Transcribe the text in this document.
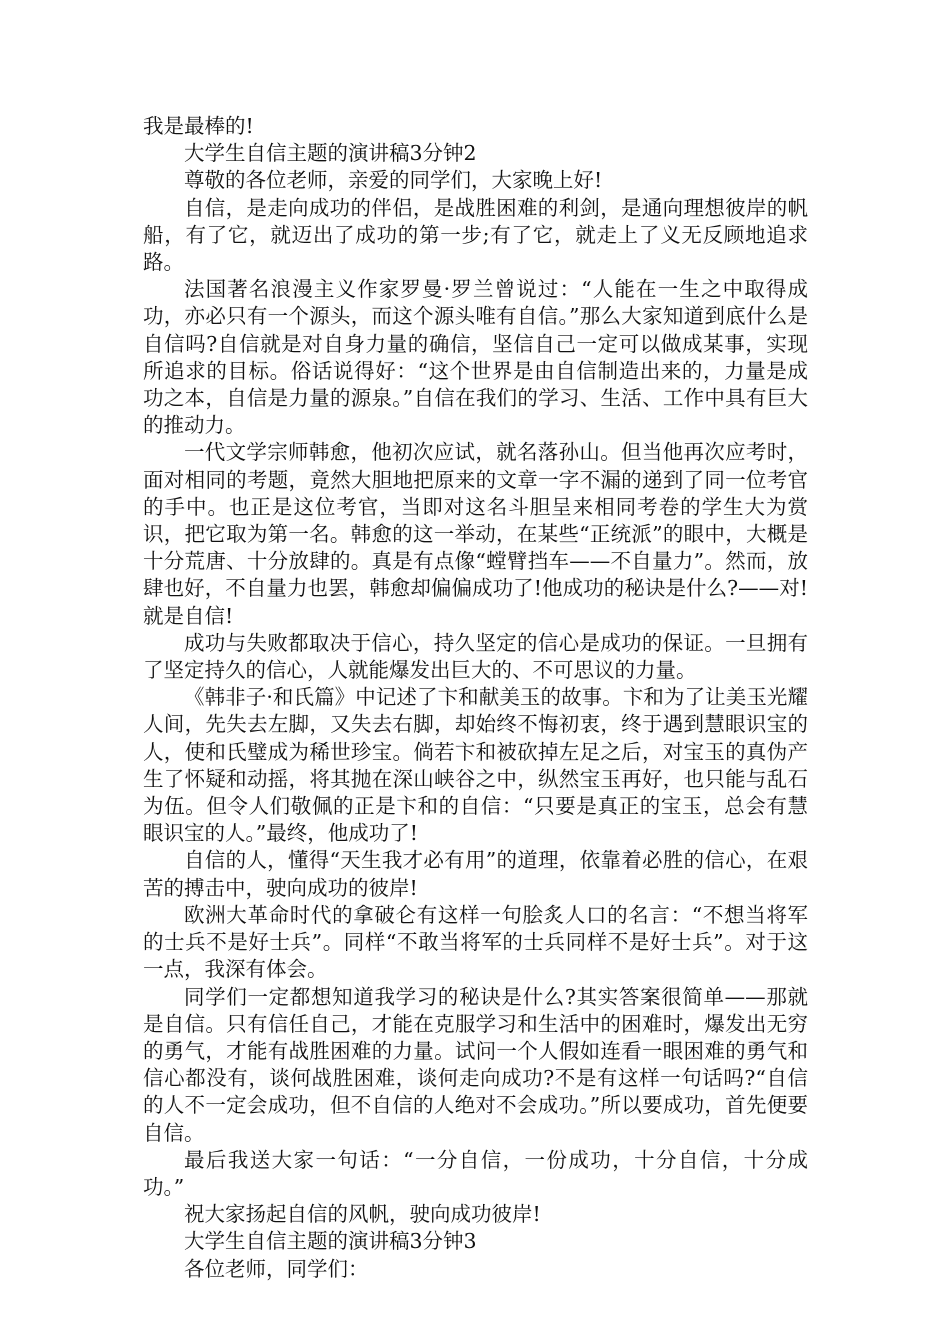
我是最棒的!

大学生自信主题的演讲稿3分钟2

尊敬的各位老师，亲爱的同学们，大家晚上好!

自信，是走向成功的伴侣，是战胜困难的利剑，是通向理想彼岸的帆船，有了它，就迈出了成功的第一步;有了它，就走上了义无反顾地追求路。

法国著名浪漫主义作家罗曼·罗兰曾说过：“人能在一生之中取得成功，亦必只有一个源头，而这个源头唯有自信。”那么大家知道到底什么是自信吗?自信就是对自身力量的确信，坚信自己一定可以做成某事，实现所追求的目标。俗话说得好：“这个世界是由自信制造出来的，力量是成功之本，自信是力量的源泉。”自信在我们的学习、生活、工作中具有巨大的推动力。

一代文学宗师韩愈，他初次应试，就名落孙山。但当他再次应考时，面对相同的考题，竟然大胆地把原来的文章一字不漏的递到了同一位考官的手中。也正是这位考官，当即对这名斗胆呈来相同考卷的学生大为赏识，把它取为第一名。韩愈的这一举动，在某些“正统派”的眼中，大概是十分荒唐、十分放肆的。真是有点像“螳臂挡车——不自量力”。然而，放肆也好，不自量力也罢，韩愈却偏偏成功了!他成功的秘诀是什么?——对!就是自信!

成功与失败都取决于信心，持久坚定的信心是成功的保证。一旦拥有了坚定持久的信心，人就能爆发出巨大的、不可思议的力量。

《韩非子·和氏篇》中记述了卞和献美玉的故事。卞和为了让美玉光耀人间，先失去左脚，又失去右脚，却始终不悔初衷，终于遇到慧眼识宝的人，使和氏璧成为稀世珍宝。倘若卞和被砍掉左足之后，对宝玉的真伪产生了怀疑和动摇，将其抛在深山峡谷之中，纵然宝玉再好，也只能与乱石为伍。但令人们敬佩的正是卞和的自信：“只要是真正的宝玉，总会有慧眼识宝的人。”最终，他成功了!

自信的人，懂得“天生我才必有用”的道理，依靠着必胜的信心，在艰苦的搏击中，驶向成功的彼岸!

欧洲大革命时代的拿破仑有这样一句脍炙人口的名言：“不想当将军的士兵不是好士兵”。同样“不敢当将军的士兵同样不是好士兵”。对于这一点，我深有体会。

同学们一定都想知道我学习的秘诀是什么?其实答案很简单——那就是自信。只有信任自己，才能在克服学习和生活中的困难时，爆发出无穷的勇气，才能有战胜困难的力量。试问一个人假如连看一眼困难的勇气和信心都没有，谈何战胜困难，谈何走向成功?不是有这样一句话吗?“自信的人不一定会成功，但不自信的人绝对不会成功。”所以要成功，首先便要自信。

最后我送大家一句话：“一分自信，一份成功，十分自信，十分成功。”

祝大家扬起自信的风帆，驶向成功彼岸!

大学生自信主题的演讲稿3分钟3

各位老师，同学们：
